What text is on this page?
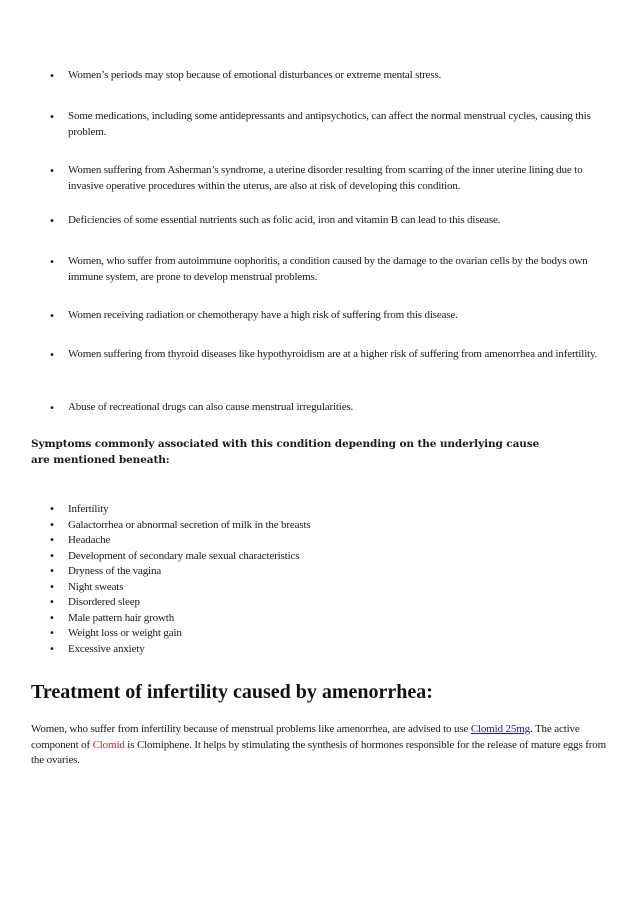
• Women’s periods may stop because of emotional disturbances or extreme mental stress.
• Some medications, including some antidepressants and antipsychotics, can affect the normal menstrual cycles, causing this problem.
• Women suffering from Asherman’s syndrome, a uterine disorder resulting from scarring of the inner uterine lining due to invasive operative procedures within the uterus, are also at risk of developing this condition.
• Deficiencies of some essential nutrients such as folic acid, iron and vitamin B can lead to this disease.
• Women, who suffer from autoimmune oophoritis, a condition caused by the damage to the ovarian cells by the bodys own immune system, are prone to develop menstrual problems.
• Women receiving radiation or chemotherapy have a high risk of suffering from this disease.
• Women suffering from thyroid diseases like hypothyroidism are at a higher risk of suffering from amenorrhea and infertility.
• Abuse of recreational drugs can also cause menstrual irregularities.
Symptoms commonly associated with this condition depending on the underlying cause are mentioned beneath:
• Infertility
• Galactorrhea or abnormal secretion of milk in the breasts
• Headache
• Development of secondary male sexual characteristics
• Dryness of the vagina
• Night sweats
• Disordered sleep
• Male pattern hair growth
• Weight loss or weight gain
• Excessive anxiety
Treatment of infertility caused by amenorrhea:
Women, who suffer from infertility because of menstrual problems like amenorrhea, are advised to use Clomid 25mg. The active component of Clomid is Clomiphene. It helps by stimulating the synthesis of hormones responsible for the release of mature eggs from the ovaries.
